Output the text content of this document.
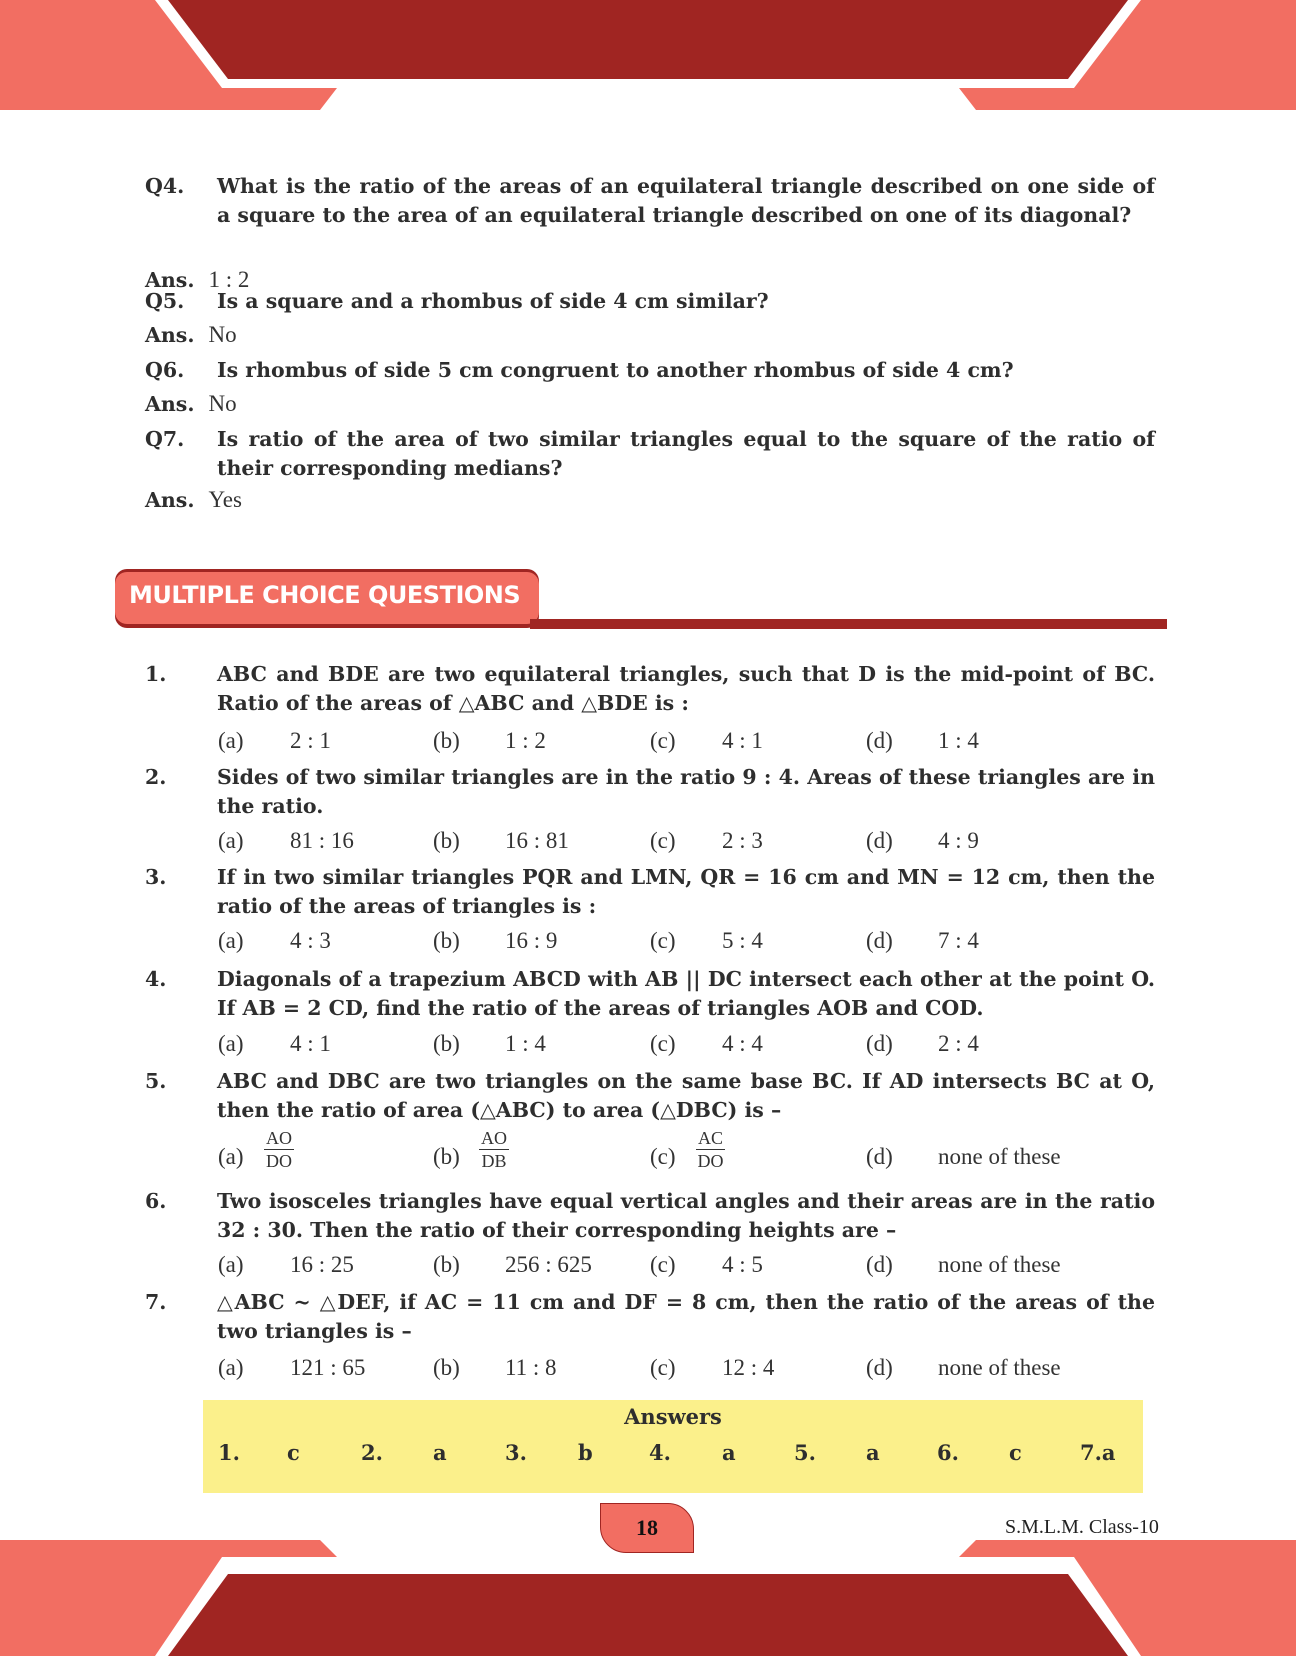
Q4. What is the ratio of the areas of an equilateral triangle described on one side of a square to the area of an equilateral triangle described on one of its diagonal?
Ans. 1 : 2
Q5. Is a square and a rhombus of side 4 cm similar?
Ans. No
Q6. Is rhombus of side 5 cm congruent to another rhombus of side 4 cm?
Ans. No
Q7. Is ratio of the area of two similar triangles equal to the square of the ratio of their corresponding medians?
Ans. Yes
1. ABC and BDE are two equilateral triangles, such that D is the mid-point of BC. Ratio of the areas of △ABC and △BDE is :
(a) 2 : 1	(b) 1 : 2	(c) 4 : 1	(d) 1 : 4
2. Sides of two similar triangles are in the ratio 9 : 4. Areas of these triangles are in the ratio.
(a) 81 : 16	(b) 16 : 81	(c) 2 : 3	(d) 4 : 9
3. If in two similar triangles PQR and LMN, QR = 16 cm and MN = 12 cm, then the ratio of the areas of triangles is :
(a) 4 : 3	(b) 16 : 9	(c) 5 : 4	(d) 7 : 4
4. Diagonals of a trapezium ABCD with AB || DC intersect each other at the point O. If AB = 2 CD, find the ratio of the areas of triangles AOB and COD.
(a) 4 : 1	(b) 1 : 4	(c) 4 : 4	(d) 2 : 4
5. ABC and DBC are two triangles on the same base BC. If AD intersects BC at O, then the ratio of area (△ABC) to area (△DBC) is –
$(a) \frac{AO}{DO}$	$(b) \frac{AO}{DB}$	$(c) \frac{AC}{DO}$	(d) none of these
6. Two isosceles triangles have equal vertical angles and their areas are in the ratio 32 : 30. Then the ratio of their corresponding heights are –
(a) 16 : 25	(b) 256 : 625	(c) 4 : 5	(d) none of these
7. △ABC ~ △DEF, if AC = 11 cm and DF = 8 cm, then the ratio of the areas of the two triangles is –
(a) 121 : 65	(b) 11 : 8	(c) 12 : 4	(d) none of these
MULTIPLE CHOICE QUESTIONS
Answers
1. c	2. a	3. b	4. a	5. a	6. c	7.a
18	S.M.L.M. Class-10
